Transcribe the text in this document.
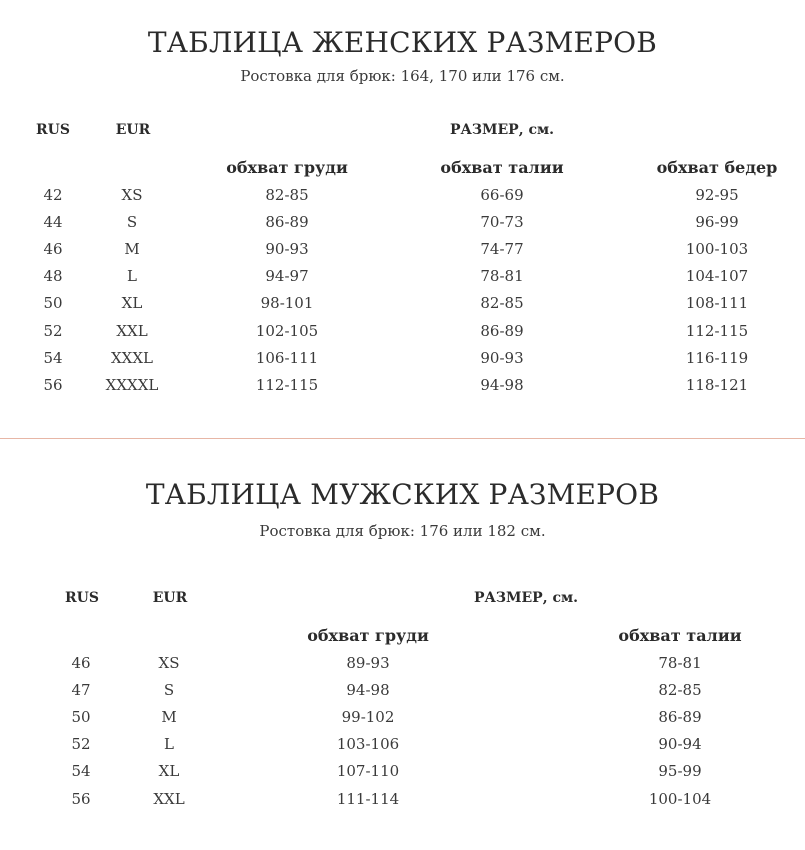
ТАБЛИЦА ЖЕНСКИХ РАЗМЕРОВ
Ростовка для брюк: 164, 170 или 176 см.
RUS	EUR	РАЗМЕР, см.
обхват груди	обхват талии	обхват бедер
42	XS	82-85	66-69	92-95
44	S	86-89	70-73	96-99
46	M	90-93	74-77	100-103
48	L	94-97	78-81	104-107
50	XL	98-101	82-85	108-111
52	XXL	102-105	86-89	112-115
54	XXXL	106-111	90-93	116-119
56	XXXXL	112-115	94-98	118-121
ТАБЛИЦА МУЖСКИХ РАЗМЕРОВ
Ростовка для брюк: 176 или 182 см.
RUS	EUR	РАЗМЕР, см.
обхват груди	обхват талии
46	XS	89-93	78-81
47	S	94-98	82-85
50	M	99-102	86-89
52	L	103-106	90-94
54	XL	107-110	95-99
56	XXL	111-114	100-104
